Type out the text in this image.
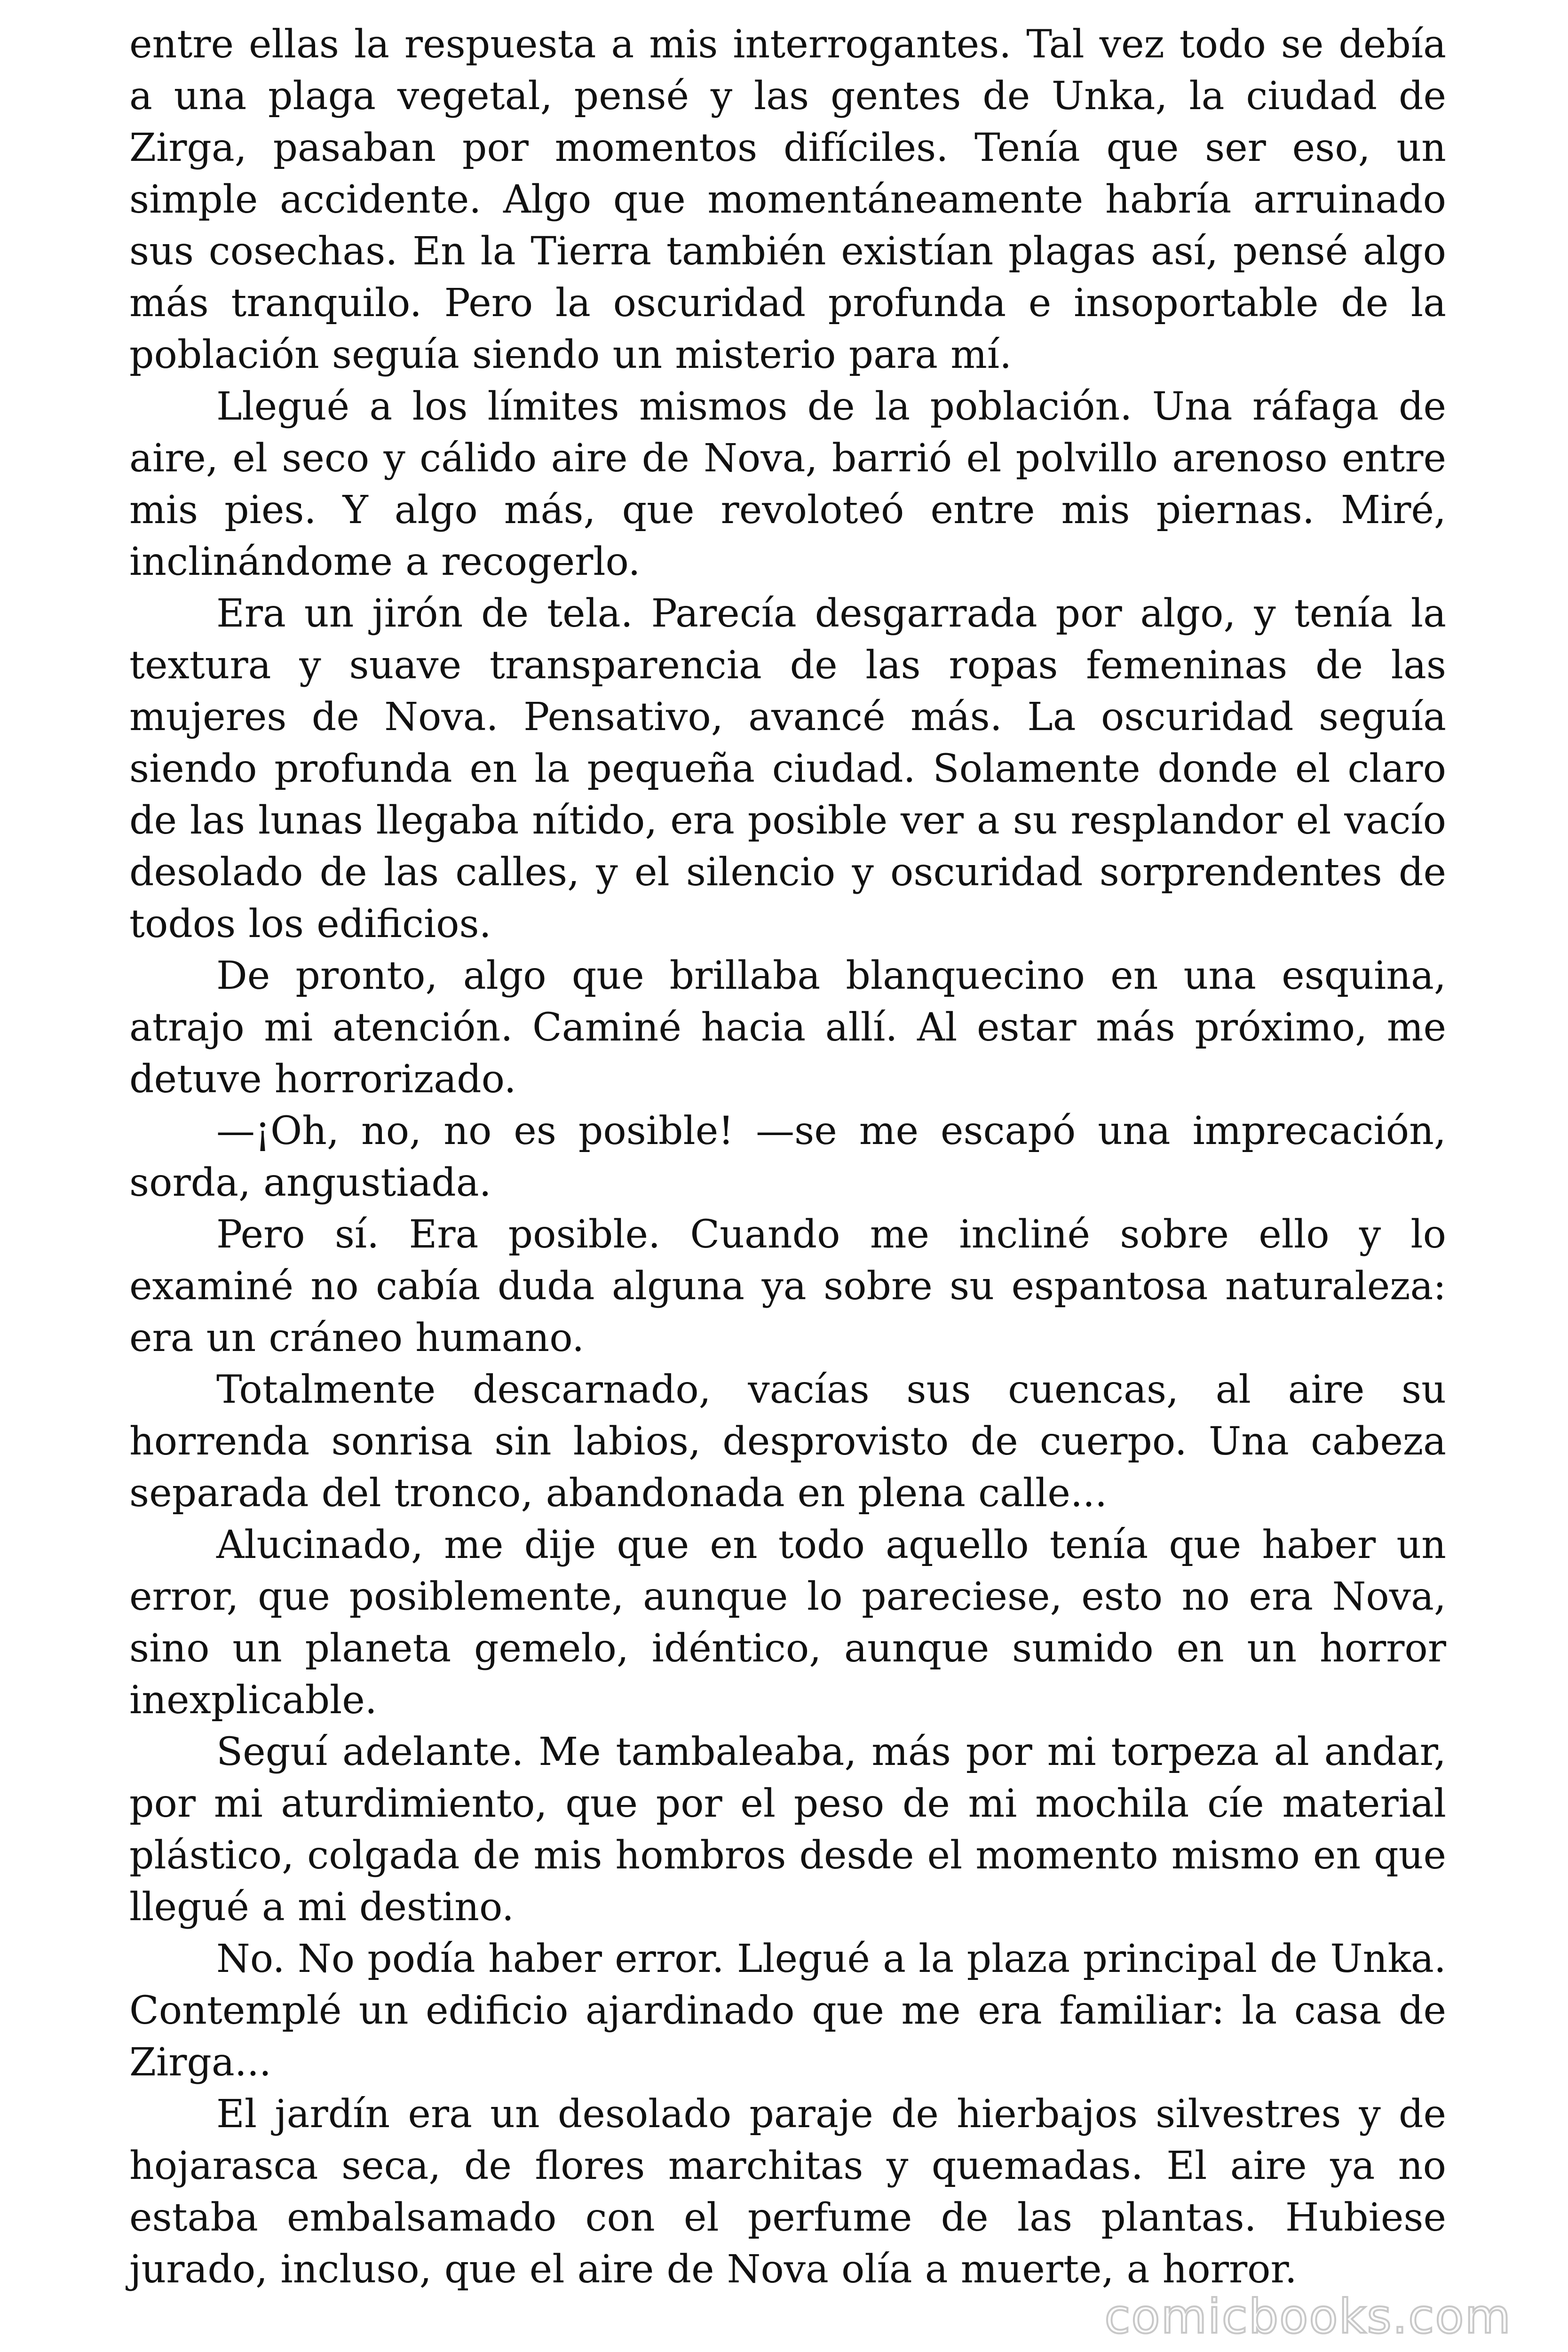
entre ellas la respuesta a mis interrogantes. Tal vez todo se debía a una plaga vegetal, pensé y las gentes de Unka, la ciudad de Zirga, pasaban por momentos difíciles. Tenía que ser eso, un simple accidente. Algo que momentáneamente habría arruinado sus cosechas. En la Tierra también existían plagas así, pensé algo más tranquilo. Pero la oscuridad profunda e insoportable de la población seguía siendo un misterio para mí.

Llegué a los límites mismos de la población. Una ráfaga de aire, el seco y cálido aire de Nova, barrió el polvillo arenoso entre mis pies. Y algo más, que revoloteó entre mis piernas. Miré, inclinándome a recogerlo.

Era un jirón de tela. Parecía desgarrada por algo, y tenía la textura y suave transparencia de las ropas femeninas de las mujeres de Nova. Pensativo, avancé más. La oscuridad seguía siendo profunda en la pequeña ciudad. Solamente donde el claro de las lunas llegaba nítido, era posible ver a su resplandor el vacío desolado de las calles, y el silencio y oscuridad sorprendentes de todos los edificios.

De pronto, algo que brillaba blanquecino en una esquina, atrajo mi atención. Caminé hacia allí. Al estar más próximo, me detuve horrorizado.

—¡Oh, no, no es posible! —se me escapó una imprecación, sorda, angustiada.

Pero sí. Era posible. Cuando me incliné sobre ello y lo examiné no cabía duda alguna ya sobre su espantosa naturaleza: era un cráneo humano.

Totalmente descarnado, vacías sus cuencas, al aire su horrenda sonrisa sin labios, desprovisto de cuerpo. Una cabeza separada del tronco, abandonada en plena calle...

Alucinado, me dije que en todo aquello tenía que haber un error, que posiblemente, aunque lo pareciese, esto no era Nova, sino un planeta gemelo, idéntico, aunque sumido en un horror inexplicable.

Seguí adelante. Me tambaleaba, más por mi torpeza al andar, por mi aturdimiento, que por el peso de mi mochila cíe material plástico, colgada de mis hombros desde el momento mismo en que llegué a mi destino.

No. No podía haber error. Llegué a la plaza principal de Unka. Contemplé un edificio ajardinado que me era familiar: la casa de Zirga...

El jardín era un desolado paraje de hierbajos silvestres y de hojarasca seca, de flores marchitas y quemadas. El aire ya no estaba embalsamado con el perfume de las plantas. Hubiese jurado, incluso, que el aire de Nova olía a muerte, a horror.

comicbooks.com
